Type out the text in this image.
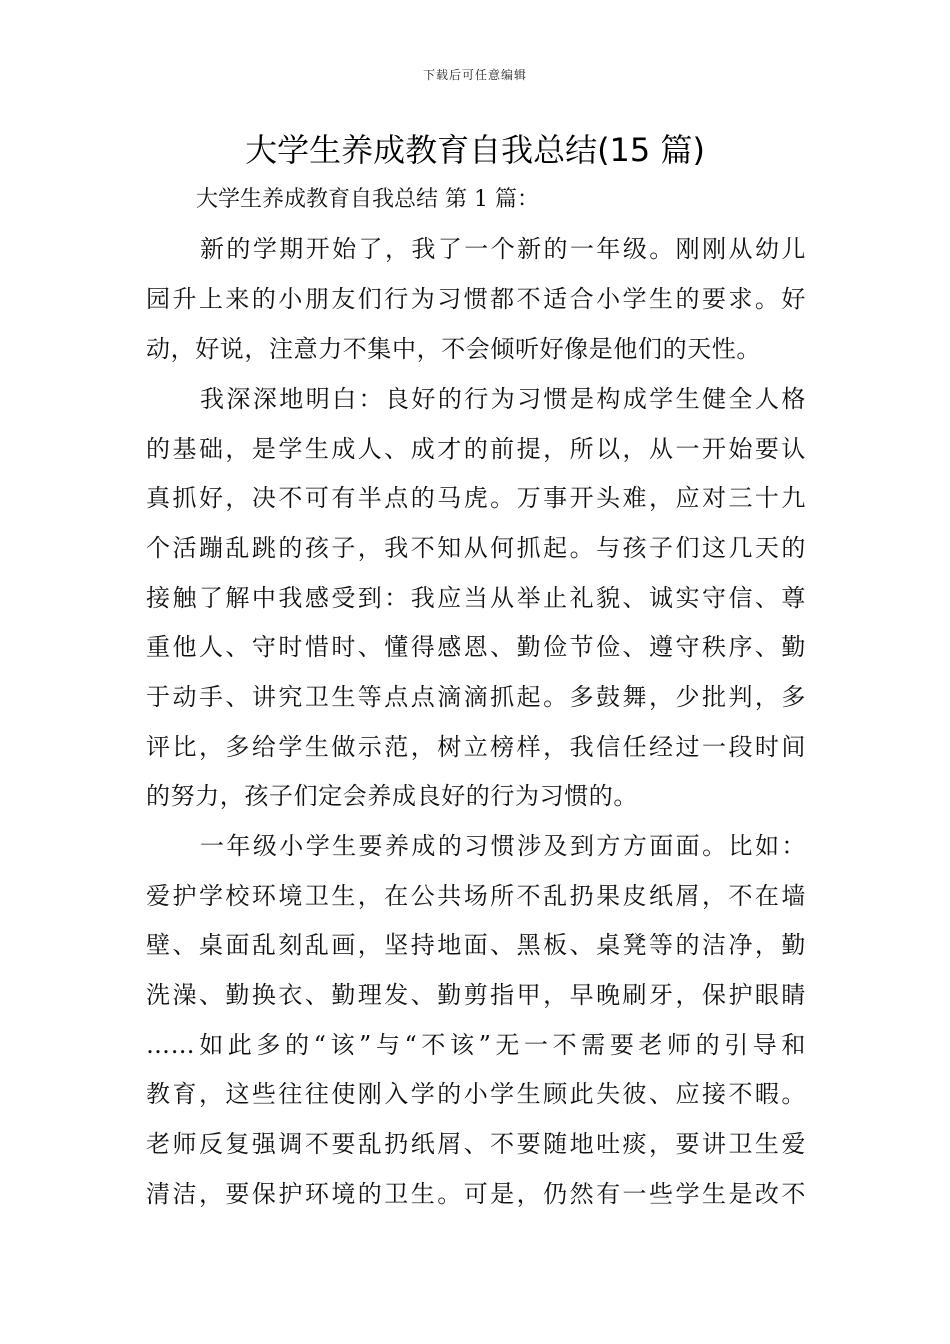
下载后可任意编辑
大学生养成教育自我总结(15 篇)
大学生养成教育自我总结 第 1 篇：
新的学期开始了，我了一个新的一年级。刚刚从幼儿
园升上来的小朋友们行为习惯都不适合小学生的要求。好
动，好说，注意力不集中，不会倾听好像是他们的天性。
我深深地明白：良好的行为习惯是构成学生健全人格
的基础，是学生成人、成才的前提，所以，从一开始要认
真抓好，决不可有半点的马虎。万事开头难，应对三十九
个活蹦乱跳的孩子，我不知从何抓起。与孩子们这几天的
接触了解中我感受到：我应当从举止礼貌、诚实守信、尊
重他人、守时惜时、懂得感恩、勤俭节俭、遵守秩序、勤
于动手、讲究卫生等点点滴滴抓起。多鼓舞，少批判，多
评比，多给学生做示范，树立榜样，我信任经过一段时间
的努力，孩子们定会养成良好的行为习惯的。
一年级小学生要养成的习惯涉及到方方面面。比如：
爱护学校环境卫生，在公共场所不乱扔果皮纸屑，不在墙
壁、桌面乱刻乱画，坚持地面、黑板、桌凳等的洁净，勤
洗澡、勤换衣、勤理发、勤剪指甲，早晚刷牙，保护眼睛
……如此多的“该”与“不该”无一不需要老师的引导和
教育，这些往往使刚入学的小学生顾此失彼、应接不暇。
老师反复强调不要乱扔纸屑、不要随地吐痰，要讲卫生爱
清洁，要保护环境的卫生。可是，仍然有一些学生是改不
